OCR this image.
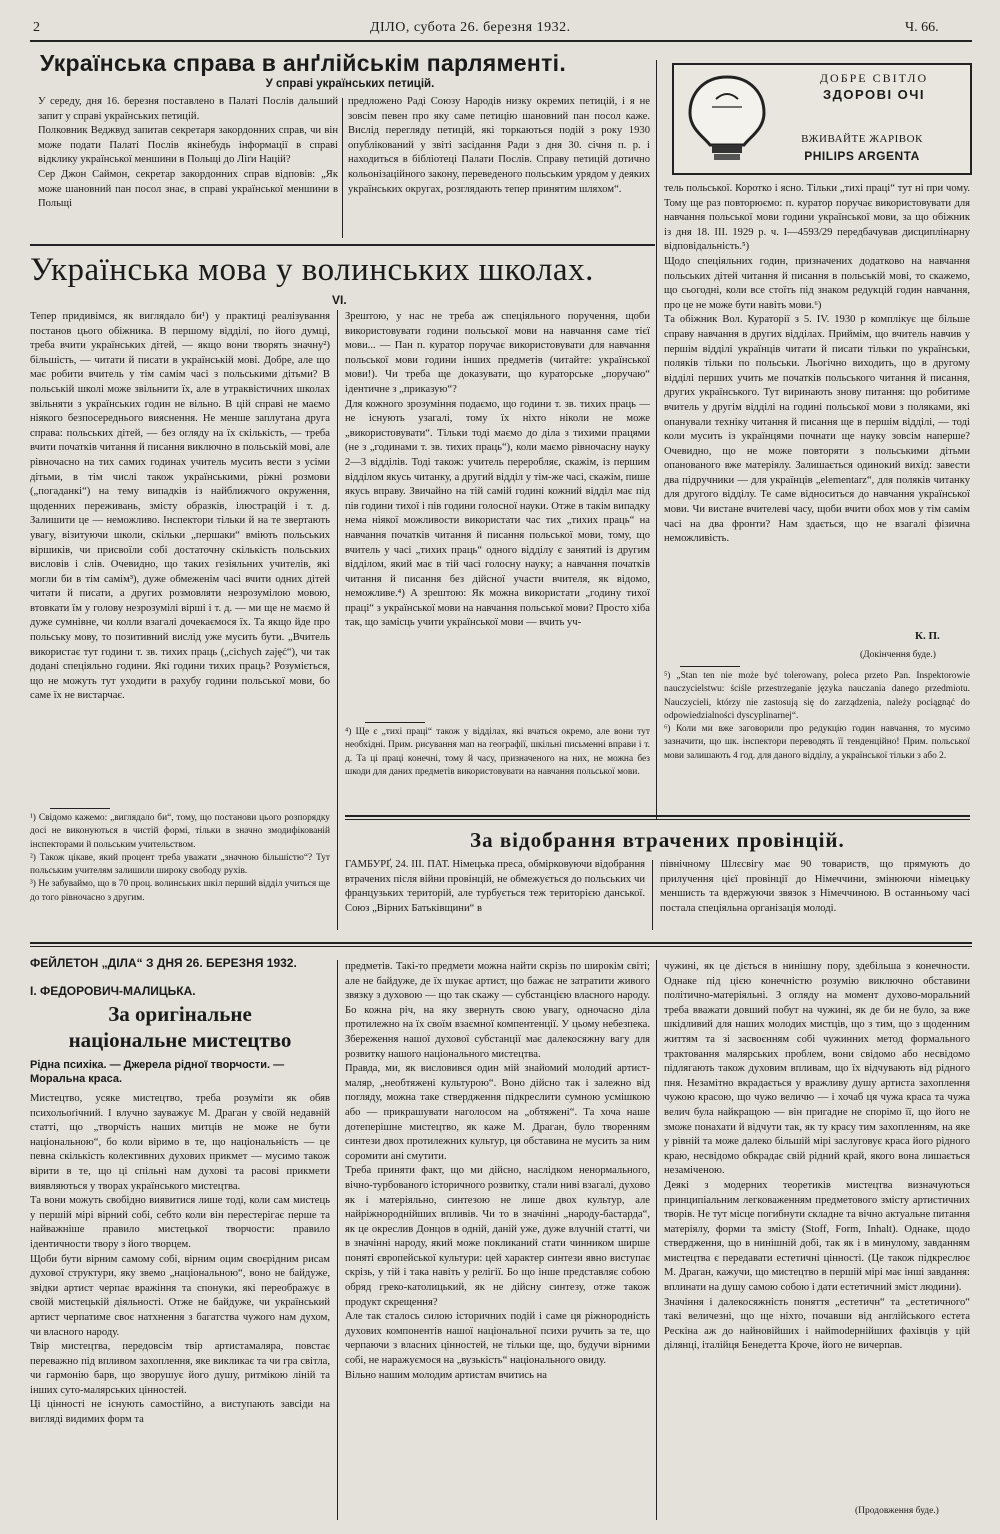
2	ДІЛО, субота 26. березня 1932.	Ч. 66.
Українська справа в анґлійськім парляменті.
У справі українських петицій.
У середу, дня 16. березня поставлено в Палаті Послів дальший запит у справі українських петицій.
Полковник Веджвуд запитав секретаря закордонних справ, чи він може подати Палаті Послів якінебудь інформації в справі відклику української меншини в Польщі до Ліґи Націй?
Сер Джон Саймон, секретар закордонних справ відповів: „Як може шановний пан посол знає, в справі української меншини в Польщі
предложено Раді Союзу Народів низку окремих петицій, і я не зовсім певен про яку саме петицію шановний пан посол каже. Вислід перегляду петицій, які торкаються подій з року 1930 опублікований у звіті засідання Ради з дня 30. січня п. р. і находиться в бібліотеці Палати Послів. Справу петицій дотично кольонізаційного закону, переведеного польським урядом у деяких українських округах, розглядають тепер принятим шляхом“.
ДОБРЕ СВІТЛО
ЗДОРОВІ ОЧІ
ВЖИВАЙТЕ ЖАРІВОК
PHILIPS ARGENTA
Українська мова у волинських школах.
VI.
Тепер придивімся, як виглядало би¹) у практиці реалізування постанов цього обіжника. В першому відділі, по його думці, треба вчити українських дітей, — якщо вони творять значну²) більшість, — читати й писати в українській мові. Добре, але що має робити вчитель у тім самім часі з польськими дітьми? В польській школі може звільнити їх, але в утраквістичних школах звільняти з українських годин не вільно. В цій справі не маємо ніякого безпосереднього вияснення. Не менше заплутана друга справа: польських дітей, — без огляду на їх скількість, — треба вчити початків читання й писання виключно в польській мові, але рівночасно на тих самих годинах учитель мусить вести з усіми дітьми, в тім числі також українськими, ріжні розмови („погаданкі“) на тему випадків із найближчого окруження, щоденних переживань, змісту образків, ілюстрацій і т. д. Залишити це — неможливо. Інспектори тільки й на те звертають увагу, візитуючи школи, скільки „першаки“ вміють польських віршиків, чи присвоїли собі достаточну скількість польських висловів і слів. Очевидно, що таких гезіяльних учителів, які могли би в тім самім³), дуже обмеженім часі вчити одних дітей читати й писати, а других розмовляти незрозумілою мовою, втовкати їм у голову незрозумілі вірші і т. д. — ми ще не маємо й дуже сумнівне, чи колли взагалі дочекаємося їх. Та якщо йде про польську мову, то позитивний вислід уже мусить бути. „Вчитель використає тут години т. зв. тихих праць („cichych zajęć“), чи так додані спеціяльно години. Які години тихих праць? Розуміється, що не можуть тут уходити в рахубу години польської мови, бо саме їх не вистарчає.
¹) Свідомо кажемо: „виглядало би“, тому, що постанови цього розпорядку досі не виконуються в чистій формі, тільки в значно змодифікованій інспекторами й польським учительством.
²) Також цікаве, який процент треба уважати „значною більшістю“? Тут польським учителям залишили широку свободу рухів.
³) Не забуваймо, що в 70 проц. волинських шкіл перший відділ учиться ще до того рівночасно з другим.
Зрештою, у нас не треба аж спеціяльного поручення, щоби використовувати години польської мови на навчання саме тієї мови... — Пан п. куратор поручає використовувати для навчання польської мови години інших предметів (читайте: української мови!). Чи треба ще доказувати, що кураторське „поручаю“ ідентичне з „приказую“?
Для кожного зрозуміння подаємо, що години т. зв. тихих праць — не існують узагалі, тому їх ніхто ніколи не може „використовувати“. Тільки тоді маємо до діла з тихими працями (не з „годинами т. зв. тихих праць“), коли маємо рівночасну науку 2—3 відділів. Тоді також: учитель переробляє, скажім, із першим відділом якусь читанку, а другий відділ у тім-же часі, скажім, пише якусь вправу. Звичайно на тій самій годині кожний відділ має під пів години тихої і пів години голосної науки. Отже в такім випадку нема ніякої можливости використати час тих „тихих праць“ на навчання початків читання й писання польської мови, тому, що вчитель у часі „тихих праць“ одного відділу є занятий із другим відділом, який має в тій часі голосну науку; а навчання початків читання й писання без дійсної участи вчителя, як відомо, неможливе.⁴) А зрештою: Як можна використати „годину тихої праці“ з української мови на навчання польської мови? Просто хіба так, що замісць учити української мови — вчить уч-
⁴) Ще є „тихі праці“ також у відділах, які вчаться окремо, але вони тут необхідні. Прим. рисування мап на географії, шкільні письменні вправи і т. д. Та ці праці конечні, тому й часу, призначеного на них, не можна без шкоди для даних предметів використовувати на навчання польської мови.
тель польської. Коротко і ясно. Тільки „тихі праці“ тут ні при чому. Тому ще раз повторюємо: п. куратор поручає використовувати для навчання польської мови години української мови, за що обіжник із дня 18. III. 1929 р. ч. I—4593/29 передбачував дисциплінарну відповідальність.⁵)
Щодо спеціяльних годин, призначених додатково на навчання польських дітей читання й писання в польській мові, то скажемо, що сьогодні, коли все стоїть під знаком редукцій годин навчання, про це не може бути навіть мови.⁶)
Та обіжник Вол. Кураторії з 5. IV. 1930 р комплікує ще більше справу навчання в других відділах. Приймім, що вчитель навчив у першім відділі українців читати й писати тільки по українськи, поляків тільки по польськи. Льогічно виходить, що в другому відділі перших учить ме початків польського читання й писання, других українського. Тут виринають знову питання: що робитиме вчитель у другім відділі на годині польської мови з поляками, які опанували техніку читання й писання ще в першім відділі, — тоді коли мусить із українцями почнати ще науку зовсім наперше? Очевидно, що не може повторяти з польськими дітьми опанованого вже матеріялу. Залишається одинокий вихід: завести два підручники — для українців „elementarz“, для поляків читанку для другого відділу. Те саме відноситься до навчання української мови. Чи вистане вчителеві часу, щоби вчити обох мов у тім самім часі на два фронти? Нам здається, що не взагалі фізична неможливість.
К. П.
(Докінчення буде.)
⁵) „Stan ten nie może być tolerowany, poleca przeto Pan. Inspektorowie nauczycielstwu: ściśle przestrzeganie języka nauczania danego przedmiotu. Nauczycieli, którzy nie zastosują się do zarządzenia, należy pociągnąć do odpowiedzialności dyscyplinarnej“.
⁶) Коли ми вже заговорили про редукцію годин навчання, то мусимо зазначити, що шк. інспектори переводять її тенденційно! Прим. польської мови залишають 4 год. для даного відділу, а української тільки з або 2.
За відобрання втрачених провінцій.
ГАМБУРҐ, 24. III. ПАТ. Німецька преса, обмірковуючи відобрання втрачених після війни провінцій, не обмежується до польських чи французьких територій, але турбується теж територією данської. Союз „Вірних Батьківщини“ в
північному Шлєсвігу має 90 товариств, що прямують до прилучення цієї провінції до Німеччини, змінюючи німецьку меншисть та вдержуючи звязок з Німеччиною. В останньому часі постала спеціяльна організація молоді.
ФЕЙЛЕТОН „ДІЛА“ З ДНЯ 26. БЕРЕЗНЯ 1932.
І. ФЕДОРОВИЧ-МАЛИЦЬКА.
За оригінальне
національне мистецтво
Рідна психіка. — Джерела рідної творчости. — Моральна краса.
Мистецтво, усяке мистецтво, треба розуміти як обяв психольоґічний. І влучно зауважує М. Драган у своїй недавній статті, що „творчість наших митців не може не бути національною“, бо коли віримо в те, що національність — це певна скількість колективних духових прикмет — мусимо також вірити в те, що ці спільні нам духові та расові прикмети виявляються у творах українського мистецтва.
Та вони можуть свобідно виявитися лише тоді, коли сам мистець у першій мірі вірний собі, себто коли він перестерігає перше та найважніше правило мистецької творчости: правило ідентичности твору з його творцем.
Щоби бути вірним самому собі, вірним оцим своєрідним рисам духової структури, яку звемо „національною“, воно не байдуже, звідки артист черпає вражіння та спонуки, які переображує в своїй мистецькій діяльності. Отже не байдуже, чи український артист черпатиме своє натхнення з багатства чужого нам духом, чи власного народу.
Твір мистецтва, передовсім твір артистамаляра, повстає переважно під впливом захоплення, яке викликає та чи гра світла, чи гармонію барв, що зворушує його душу, ритмікою ліній та інших суто-малярських цінностей.
Ці цінності не існують самостійно, а виступають завсіди на вигляді видимих форм та
предметів. Такі-то предмети можна найти скрізь по широкім світі; але не байдуже, де їх шукає артист, що бажає не затратити живого звязку з духовою — що так скажу — субстанцією власного народу. Бо кожна річ, на яку звернуть свою увагу, одночасно діла протилежно на їх своїм взаємної компентенції. У цьому небезпека. Збереження нашої духової субстанції має далекосяжну вагу для розвитку нашого національного мистецтва.
Правда, ми, як висловився один мій знайомий молодий артист-маляр, „необтяжені культурою“. Воно дійсно так і залежно від погляду, можна таке ствердження підкреслити сумною усмішкою або — прикрашувати наголосом на „обтяжені“. Та хоча наше дотеперішне мистецтво, як каже М. Драган, було творенням синтези двох протилежних культур, ця обставина не мусить за ним соромити ані смутити.
Треба приняти факт, що ми дійсно, наслідком ненормального, вічно-турбованого історичного розвитку, стали ниві взагалі, духово як і матеріяльно, синтезою не лише двох культур, але найріжнороднійших впливів. Чи то в значінні „народу-бастарда“, як це окреслив Донцов в одній, даній уже, дуже влучній статті, чи в значінні народу, який може покликаний стати чинником ширше поняті європейської культури: цей характер синтези явно виступає скрізь, у тій і така навіть у релігії. Бо що інше представляє собою обряд греко-католицький, як не дійсну синтезу, отже також продукт скрещення?
Але так сталось силою історичних подій і саме ця ріжнородність духових компонентів нашої національної психи ручить за те, що черпаючи з власних цінностей, не тільки ще, що, будучи вірними собі, не наражуємося на „вузькість“ національного овиду.
Вільно нашим молодим артистам вчитись на
чужині, як це діється в нинішну пору, здебільша з конечности. Однаке під цією конечністю розумію виключно обставини політично-матеріяльні. З огляду на момент духово-моральний треба вважати довший побут на чужині, як де би не було, за вже шкідливий для наших молодих мистців, що з тим, що з щоденним життям та зі засвоєнням собі чужинних метод формального трактовання малярських проблем, вони свідомо або несвідомо підлягають також духовим впливам, що їх відчувають від рідного пня. Незамітно вкрадається у вражливу душу артиста захоплення чужою красою, що чужо величю — і хочаб ця чужа краса та чужа велич була найкращою — він пригадне не спорімо її, що його не зможе понахати й відчути так, як ту красу тим захопленням, на яке у рівній та може далеко більшій мірі заслуговує краса його рідного краю, несвідомо обкрадає свій рідний край, якого вона лишається незаміченою.
Деякі з модерних теоретиків мистецтва визначуються принципіальним легковаженням предметового змісту артистичних творів. Не тут місце погибнути складне та вічно актуальне питання матеріялу, форми та змісту (Stoff, Form, Inhalt). Однаке, щодо ствердження, що в нинішній добі, так як і в минулому, завданням мистецтва є передавати естетичні цінності. (Це також підкреслює М. Драган, кажучи, що мистецтво в першій мірі має інші завдання: вплинати на душу самою собою і дати естетичний зміст людини).
Значіння і далекосяжність поняття „естетичн“ та „естетичного“ такі величезні, що ще ніхто, почавши від англійського естета Рескіна аж до найновійших і найmodернійших фахівців у цій ділянці, італійця Бенедетта Кроче, його не вичерпав.
(Продовження буде.)
